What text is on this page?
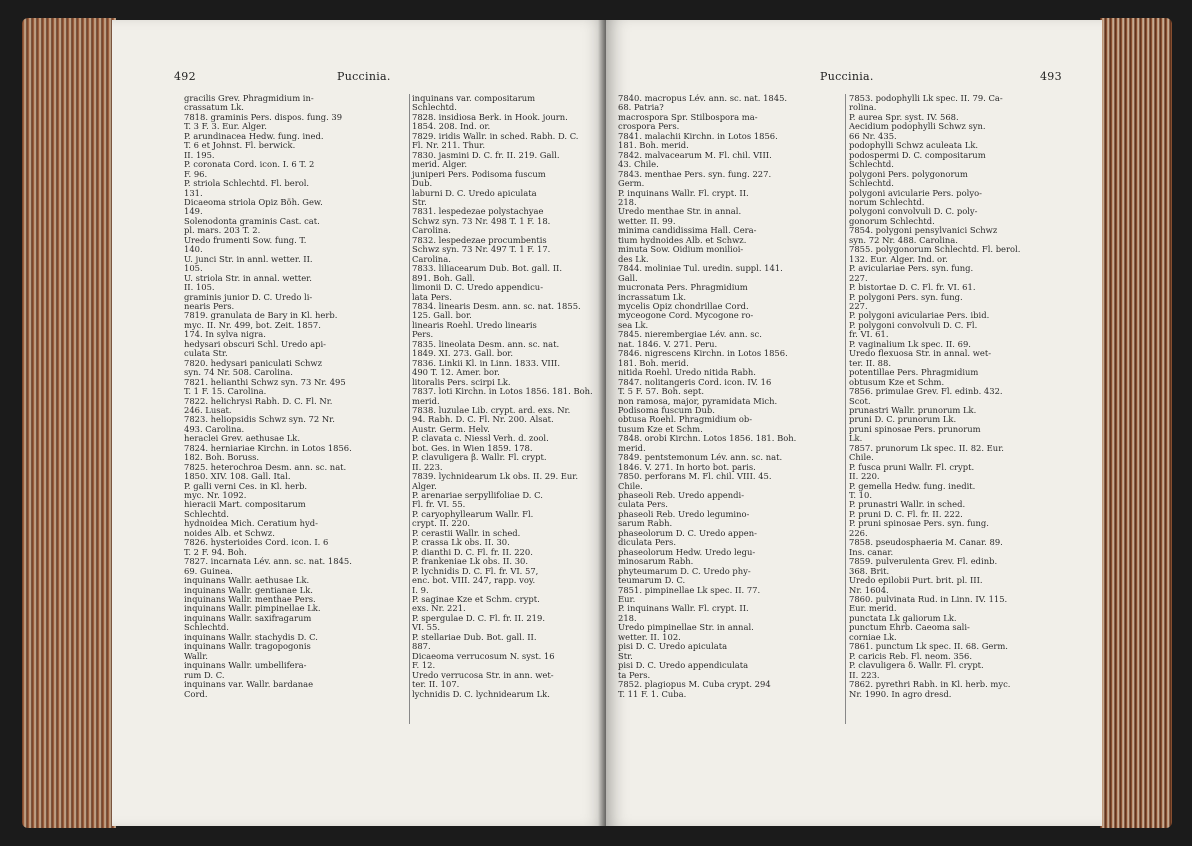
492	Puccinia.
gracilis Grev. Phragmidium in-
crassatum Lk.
7818. graminis Pers. dispos. fung. 39
T. 3 F. 3. Eur. Alger.
P. arundinacea Hedw. fung. ined.
T. 6 et Johnst. Fl. berwick.
II. 195.
P. coronata Cord. icon. I. 6 T. 2
F. 96.
P. striola Schlechtd. Fl. berol.
131.
Dicaeoma striola Opiz Böh. Gew.
149.
Solenodonta graminis Cast. cat.
pl. mars. 203 T. 2.
Uredo frumenti Sow. fung. T.
140.
U. junci Str. in annl. wetter. II.
105.
U. striola Str. in annal. wetter.
II. 105.
graminis junior D. C. Uredo li-
nearis Pers.
7819. granulata de Bary in Kl. herb.
myc. II. Nr. 499, bot. Zeit. 1857.
174. In sylva nigra.
hedysari obscuri Schl. Uredo api-
culata Str.
7820. hedysari paniculati Schwz
syn. 74 Nr. 508. Carolina.
7821. helianthi Schwz syn. 73 Nr. 495
T. 1 F. 15. Carolina.
7822. helichrysi Rabh. D. C. Fl. Nr.
246. Lusat.
7823. heliopsidis Schwz syn. 72 Nr.
493. Carolina.
heraclei Grev. aethusae Lk.
7824. herniariae Kirchn. in Lotos 1856.
182. Boh. Boruss.
7825. heterochroa Desm. ann. sc. nat.
1850. XIV. 108. Gall. Ital.
P. galli verni Ces. in Kl. herb.
myc. Nr. 1092.
hieracii Mart. compositarum
Schlechtd.
hydnoidea Mich. Ceratium hyd-
noides Alb. et Schwz.
7826. hysterioides Cord. icon. I. 6
T. 2 F. 94. Boh.
7827. incarnata Lév. ann. sc. nat. 1845.
69. Guinea.
inquinans Wallr. aethusae Lk.
inquinans Wallr. gentianae Lk.
inquinans Wallr. menthae Pers.
inquinans Wallr. pimpinellae Lk.
inquinans Wallr. saxifragarum
Schlechtd.
inquinans Wallr. stachydis D. C.
inquinans Wallr. tragopogonis
Wallr.
inquinans Wallr. umbellifera-
rum D. C.
inquinans var. Wallr. bardanae
Cord.
inquinans var. compositarum
Schlechtd.
7828. insidiosa Berk. in Hook. journ.
1854. 208. Ind. or.
7829. iridis Wallr. in sched. Rabh. D. C.
Fl. Nr. 211. Thur.
7830. jasmini D. C. fr. II. 219. Gall.
merid. Alger.
juniperi Pers. Podisoma fuscum
Dub.
laburni D. C. Uredo apiculata
Str.
7831. lespedezae polystachyae
Schwz syn. 73 Nr. 498 T. 1 F. 18.
Carolina.
7832. lespedezae procumbentis
Schwz syn. 73 Nr. 497 T. 1 F. 17.
Carolina.
7833. liliacearum Dub. Bot. gall. II.
891. Boh. Gall.
limonii D. C. Uredo appendicu-
lata Pers.
7834. linearis Desm. ann. sc. nat. 1855.
125. Gall. bor.
linearis Roehl. Uredo linearis
Pers.
7835. lineolata Desm. ann. sc. nat.
1849. XI. 273. Gall. bor.
7836. Linkii Kl. in Linn. 1833. VIII.
490 T. 12. Amer. bor.
litoralis Pers. scirpi Lk.
7837. loti Kirchn. in Lotos 1856. 181. Boh.
merid.
7838. luzulae Lib. crypt. ard. exs. Nr.
94. Rabh. D. C. Fl. Nr. 200. Alsat.
Austr. Germ. Helv.
P. clavata c. Niessl Verh. d. zool.
bot. Ges. in Wien 1859. 178.
P. clavuligera β. Wallr. Fl. crypt.
II. 223.
7839. lychnidearum Lk obs. II. 29. Eur.
Alger.
P. arenariae serpyllifoliae D. C.
Fl. fr. VI. 55.
P. caryophyllearum Wallr. Fl.
crypt. II. 220.
P. cerastii Wallr. in sched.
P. crassa Lk obs. II. 30.
P. dianthi D. C. Fl. fr. II. 220.
P. frankeniae Lk obs. II. 30.
P. lychnidis D. C. Fl. fr. VI. 57,
enc. bot. VIII. 247, rapp. voy.
I. 9.
P. saginae Kze et Schm. crypt.
exs. Nr. 221.
P. spergulae D. C. Fl. fr. II. 219.
VI. 55.
P. stellariae Dub. Bot. gall. II.
887.
Dicaeoma verrucosum N. syst. 16
F. 12.
Uredo verrucosa Str. in ann. wet-
ter. II. 107.
lychnidis D. C. lychnidearum Lk.
Puccinia.	493
7840. macropus Lév. ann. sc. nat. 1845.
68. Patria?
macrospora Spr. Stilbospora ma-
crospora Pers.
7841. malachii Kirchn. in Lotos 1856.
181. Boh. merid.
7842. malvacearum M. Fl. chil. VIII.
43. Chile.
7843. menthae Pers. syn. fung. 227.
Germ.
P. inquinans Wallr. Fl. crypt. II.
218.
Uredo menthae Str. in annal.
wetter. II. 99.
minima candidissima Hall. Cera-
tium hydnoides Alb. et Schwz.
minuta Sow. Oidium monilioi-
des Lk.
7844. moliniae Tul. uredin. suppl. 141.
Gall.
mucronata Pers. Phragmidium
incrassatum Lk.
mycelis Opiz chondrillae Cord.
myceogone Cord. Mycogone ro-
sea Lk.
7845. nierembergiae Lév. ann. sc.
nat. 1846. V. 271. Peru.
7846. nigrescens Kirchn. in Lotos 1856.
181. Boh. merid.
nitida Roehl. Uredo nitida Rabh.
7847. nolitangeris Cord. icon. IV. 16
T. 5 F. 57. Boh. sept.
non ramosa, major, pyramidata Mich.
Podisoma fuscum Dub.
obtusa Roehl. Phragmidium ob-
tusum Kze et Schm.
7848. orobi Kirchn. Lotos 1856. 181. Boh.
merid.
7849. pentstemonum Lév. ann. sc. nat.
1846. V. 271. In horto bot. paris.
7850. perforans M. Fl. chil. VIII. 45.
Chile.
phaseoli Reb. Uredo appendi-
culata Pers.
phaseoli Reb. Uredo legumino-
sarum Rabh.
phaseolorum D. C. Uredo appen-
diculata Pers.
phaseolorum Hedw. Uredo legu-
minosarum Rabh.
phyteumarum D. C. Uredo phy-
teumarum D. C.
7851. pimpinellae Lk spec. II. 77.
Eur.
P. inquinans Wallr. Fl. crypt. II.
218.
Uredo pimpinellae Str. in annal.
wetter. II. 102.
pisi D. C. Uredo apiculata
Str.
pisi D. C. Uredo appendiculata
ta Pers.
7852. plagiopus M. Cuba crypt. 294
T. 11 F. 1. Cuba.
7853. podophylli Lk spec. II. 79. Ca-
rolina.
P. aurea Spr. syst. IV. 568.
Aecidium podophylli Schwz syn.
66 Nr. 435.
podophylli Schwz aculeata Lk.
podospermi D. C. compositarum
Schlechtd.
polygoni Pers. polygonorum
Schlechtd.
polygoni avicularie Pers. polyo-
norum Schlechtd.
polygoni convolvuli D. C. poly-
gonorum Schlechtd.
7854. polygoni pensylvanici Schwz
syn. 72 Nr. 488. Carolina.
7855. polygonorum Schlechtd. Fl. berol.
132. Eur. Alger. Ind. or.
P. aviculariae Pers. syn. fung.
227.
P. bistortae D. C. Fl. fr. VI. 61.
P. polygoni Pers. syn. fung.
227.
P. polygoni aviculariae Pers. ibid.
P. polygoni convolvuli D. C. Fl.
fr. VI. 61.
P. vaginalium Lk spec. II. 69.
Uredo flexuosa Str. in annal. wet-
ter. II. 88.
potentillae Pers. Phragmidium
obtusum Kze et Schm.
7856. primulae Grev. Fl. edinb. 432.
Scot.
prunastri Wallr. prunorum Lk.
pruni D. C. prunorum Lk.
pruni spinosae Pers. prunorum
Lk.
7857. prunorum Lk spec. II. 82. Eur.
Chile.
P. fusca pruni Wallr. Fl. crypt.
II. 220.
P. gemella Hedw. fung. inedit.
T. 10.
P. prunastri Wallr. in sched.
P. pruni D. C. Fl. fr. II. 222.
P. pruni spinosae Pers. syn. fung.
226.
7858. pseudosphaeria M. Canar. 89.
Ins. canar.
7859. pulverulenta Grev. Fl. edinb.
368. Brit.
Uredo epilobii Purt. brit. pl. III.
Nr. 1604.
7860. pulvinata Rud. in Linn. IV. 115.
Eur. merid.
punctata Lk galiorum Lk.
punctum Ehrb. Caeoma sali-
corniae Lk.
7861. punctum Lk spec. II. 68. Germ.
P. caricis Reb. Fl. neom. 356.
P. clavuligera δ. Wallr. Fl. crypt.
II. 223.
7862. pyrethri Rabh. in Kl. herb. myc.
Nr. 1990. In agro dresd.
